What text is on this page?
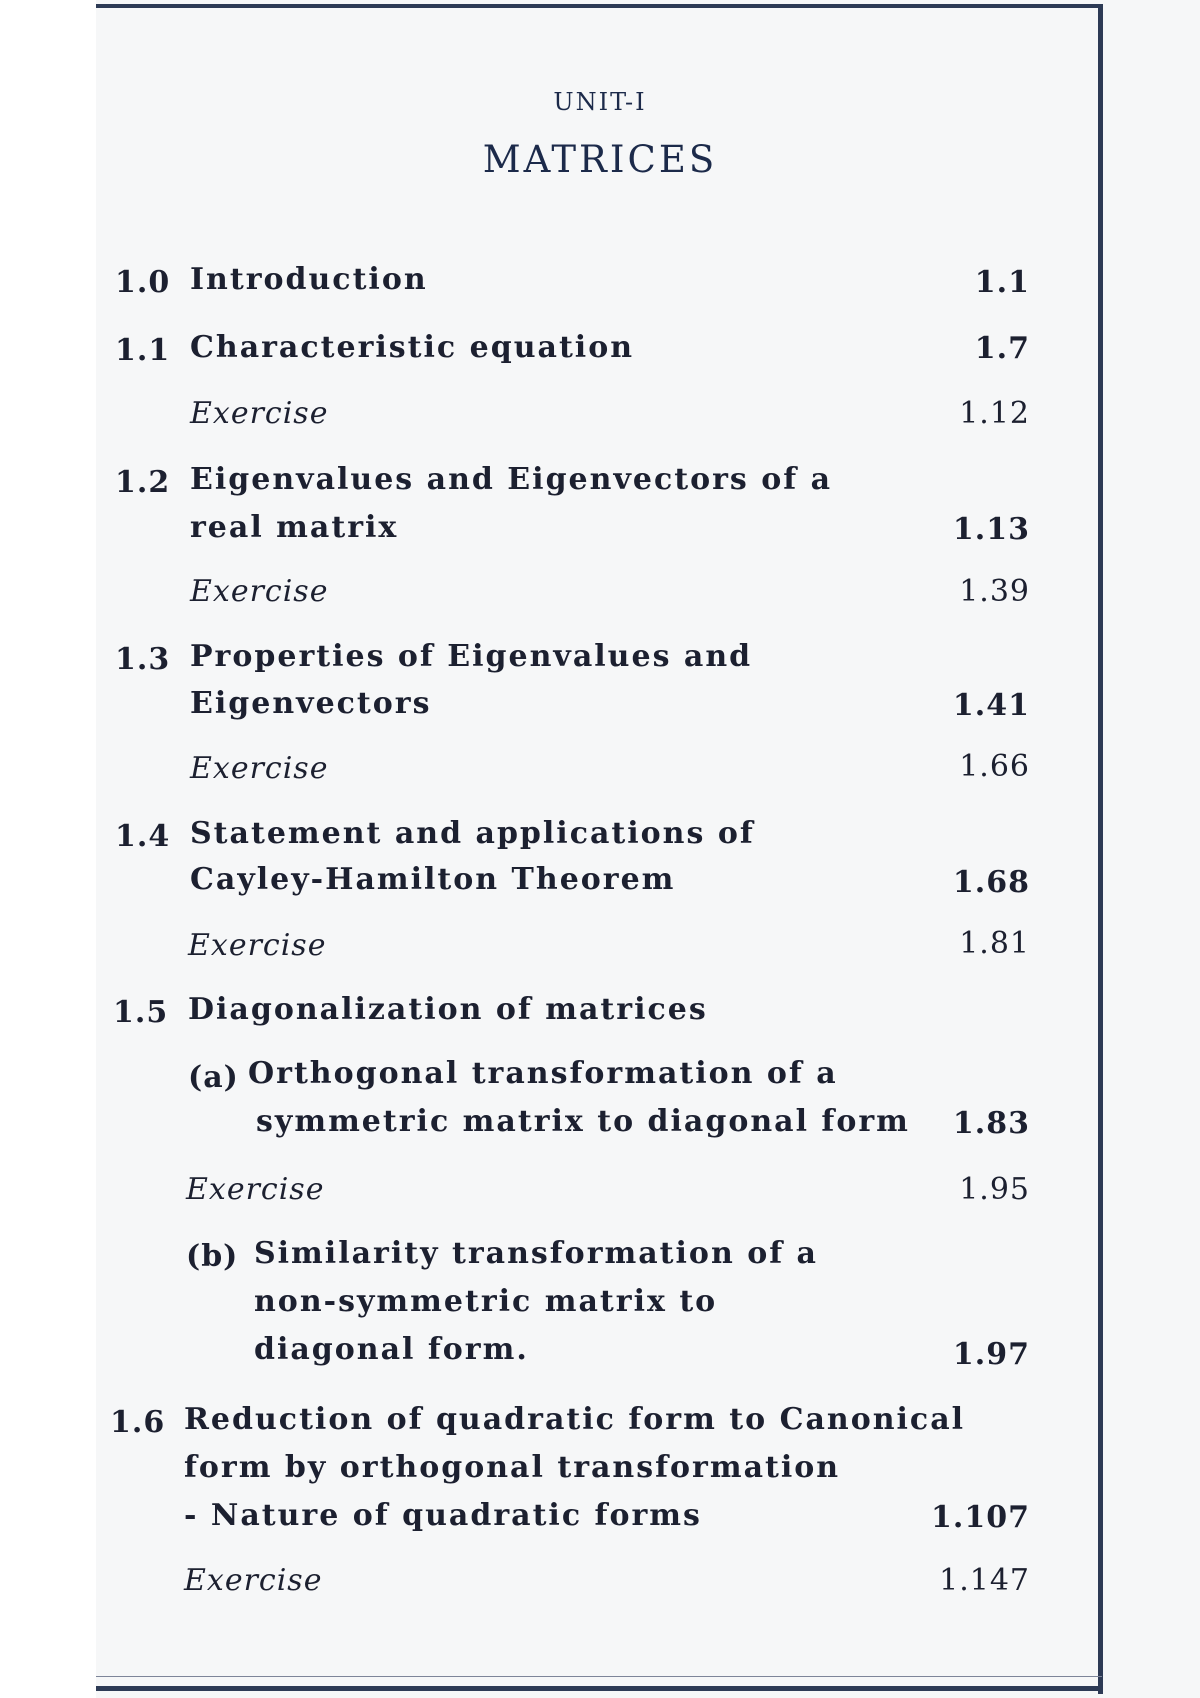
UNIT-I
MATRICES
1.0 Introduction	1.1
1.1 Characteristic equation	1.7
Exercise	1.12
1.2 Eigenvalues and Eigenvectors of a
real matrix	1.13
Exercise	1.39
1.3 Properties of Eigenvalues and
Eigenvectors	1.41
Exercise	1.66
1.4 Statement and applications of
Cayley-Hamilton Theorem	1.68
Exercise	1.81
1.5 Diagonalization of matrices
(a) Orthogonal transformation of a
symmetric matrix to diagonal form 1.83
Exercise	1.95
(b) Similarity transformation of a
non-symmetric matrix to
diagonal form.	1.97
1.6 Reduction of quadratic form to Canonical
form by orthogonal transformation
- Nature of quadratic forms	1.107
Exercise	1.147
